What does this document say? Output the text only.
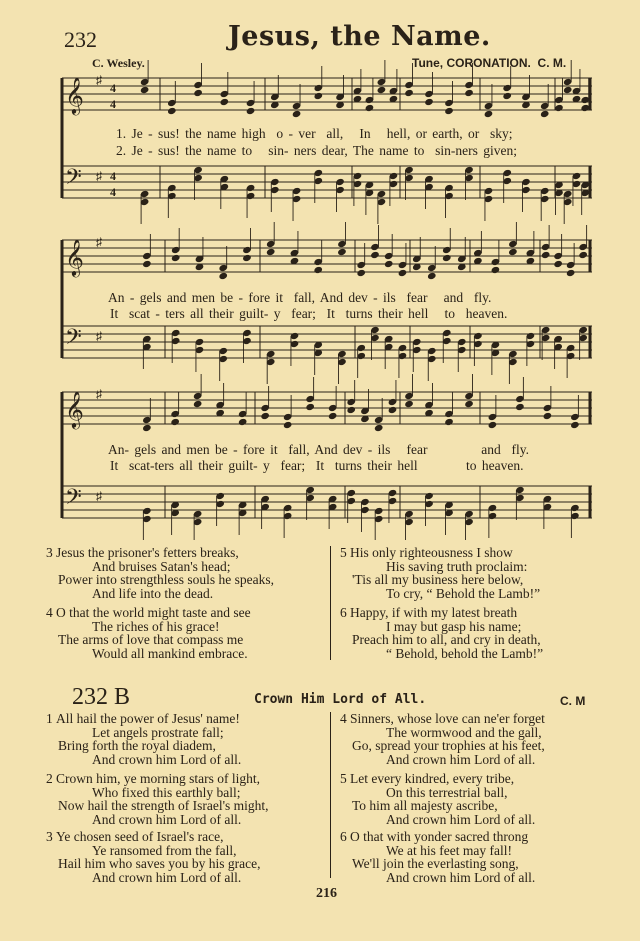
232	Jesus, the Name.
C. Wesley.	Tune, CORONATION.  C. M.
𝄞 ♯
4
4
𝄢 ♯ 4
4
𝄞 ♯
𝄢 ♯
𝄞 ♯
𝄢 ♯
1. Je - sus! the name high  o - ver  all,   In   hell, or earth, or  sky;
2. Je - sus! the name to   sin- ners dear, The name to  sin-ners given;
An - gels and men be - fore it  fall, And dev - ils  fear   and  fly.
It  scat - ters all their guilt- y  fear;  It  turns their hell   to  heaven.
An- gels and men be - fore it  fall, And dev - ils   fear          and  fly.
It  scat-ters all their guilt- y  fear;  It  turns their hell         to heaven.
3 Jesus the prisoner's fetters breaks,
And bruises Satan's head;
Power into strengthless souls he speaks,
And life into the dead.
4 O that the world might taste and see
The riches of his grace!
The arms of love that compass me
Would all mankind embrace.
5 His only righteousness I show
His saving truth proclaim:
'Tis all my business here below,
To cry, “ Behold the Lamb!”
6 Happy, if with my latest breath
I may but gasp his name;
Preach him to all, and cry in death,
“ Behold, behold the Lamb!”
232 B	Crown Him Lord of All.	C. M
1 All hail the power of Jesus' name!
Let angels prostrate fall;
Bring forth the royal diadem,
And crown him Lord of all.
2 Crown him, ye morning stars of light,
Who fixed this earthly ball;
Now hail the strength of Israel's might,
And crown him Lord of all.
3 Ye chosen seed of Israel's race,
Ye ransomed from the fall,
Hail him who saves you by his grace,
And crown him Lord of all.
4 Sinners, whose love can ne'er forget
The wormwood and the gall,
Go, spread your trophies at his feet,
And crown him Lord of all.
5 Let every kindred, every tribe,
On this terrestrial ball,
To him all majesty ascribe,
And crown him Lord of all.
6 O that with yonder sacred throng
We at his feet may fall!
We'll join the everlasting song,
And crown him Lord of all.
216
